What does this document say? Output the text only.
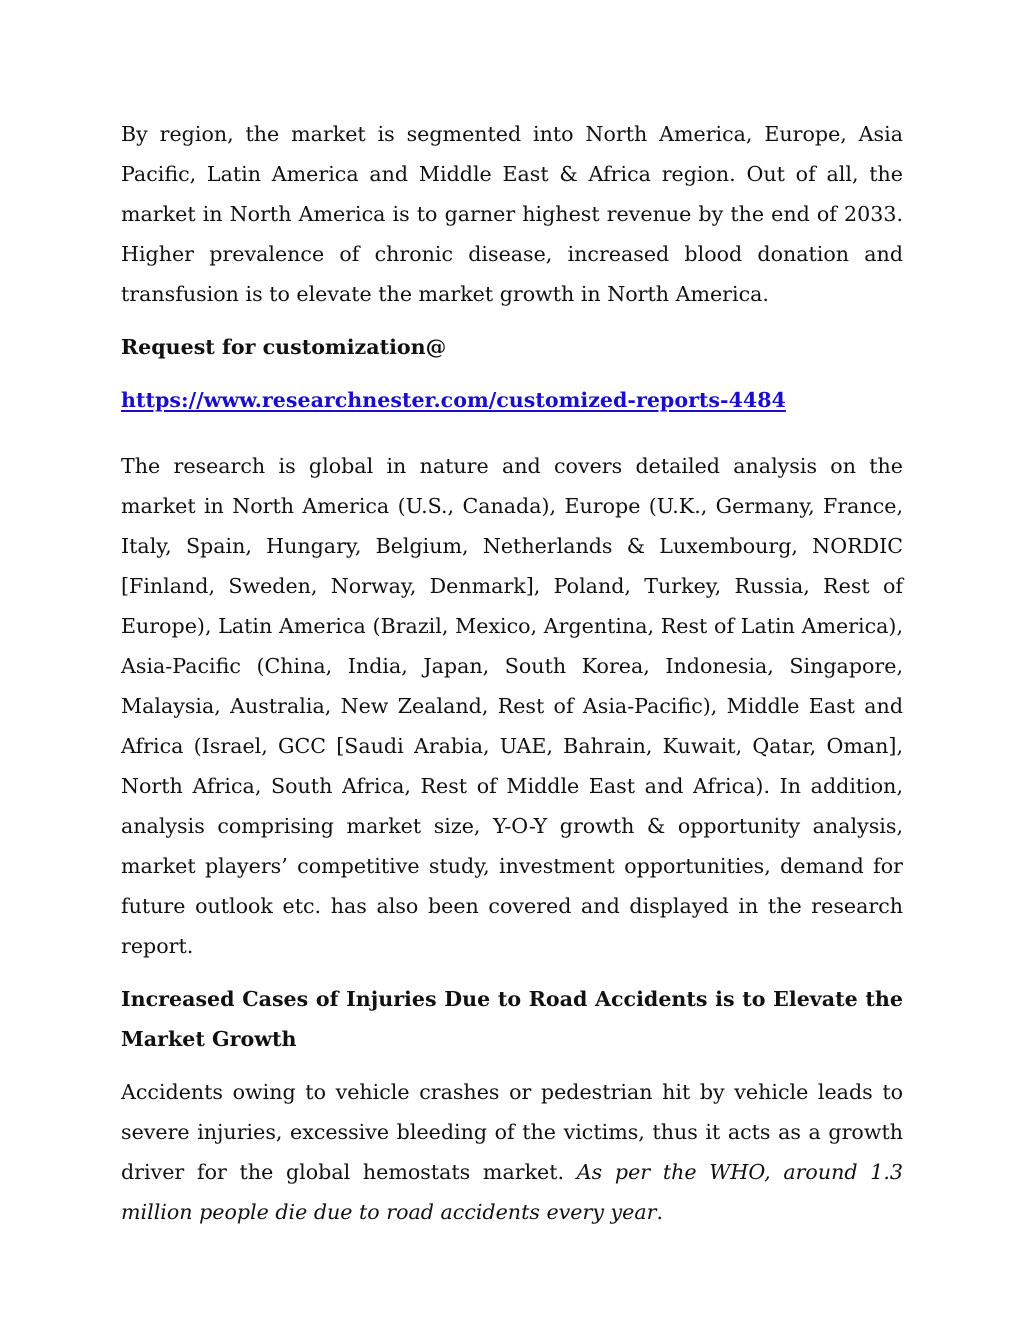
By region, the market is segmented into North America, Europe, Asia Pacific, Latin America and Middle East & Africa region. Out of all, the market in North America is to garner highest revenue by the end of 2033. Higher prevalence of chronic disease, increased blood donation and transfusion is to elevate the market growth in North America.

Request for customization@

https://www.researchnester.com/customized-reports-4484

The research is global in nature and covers detailed analysis on the market in North America (U.S., Canada), Europe (U.K., Germany, France, Italy, Spain, Hungary, Belgium, Netherlands & Luxembourg, NORDIC [Finland, Sweden, Norway, Denmark], Poland, Turkey, Russia, Rest of Europe), Latin America (Brazil, Mexico, Argentina, Rest of Latin America), Asia-Pacific (China, India, Japan, South Korea, Indonesia, Singapore, Malaysia, Australia, New Zealand, Rest of Asia-Pacific), Middle East and Africa (Israel, GCC [Saudi Arabia, UAE, Bahrain, Kuwait, Qatar, Oman], North Africa, South Africa, Rest of Middle East and Africa). In addition, analysis comprising market size, Y-O-Y growth & opportunity analysis, market players’ competitive study, investment opportunities, demand for future outlook etc. has also been covered and displayed in the research report.

Increased Cases of Injuries Due to Road Accidents is to Elevate the Market Growth

Accidents owing to vehicle crashes or pedestrian hit by vehicle leads to severe injuries, excessive bleeding of the victims, thus it acts as a growth driver for the global hemostats market. As per the WHO, around 1.3 million people die due to road accidents every year.
